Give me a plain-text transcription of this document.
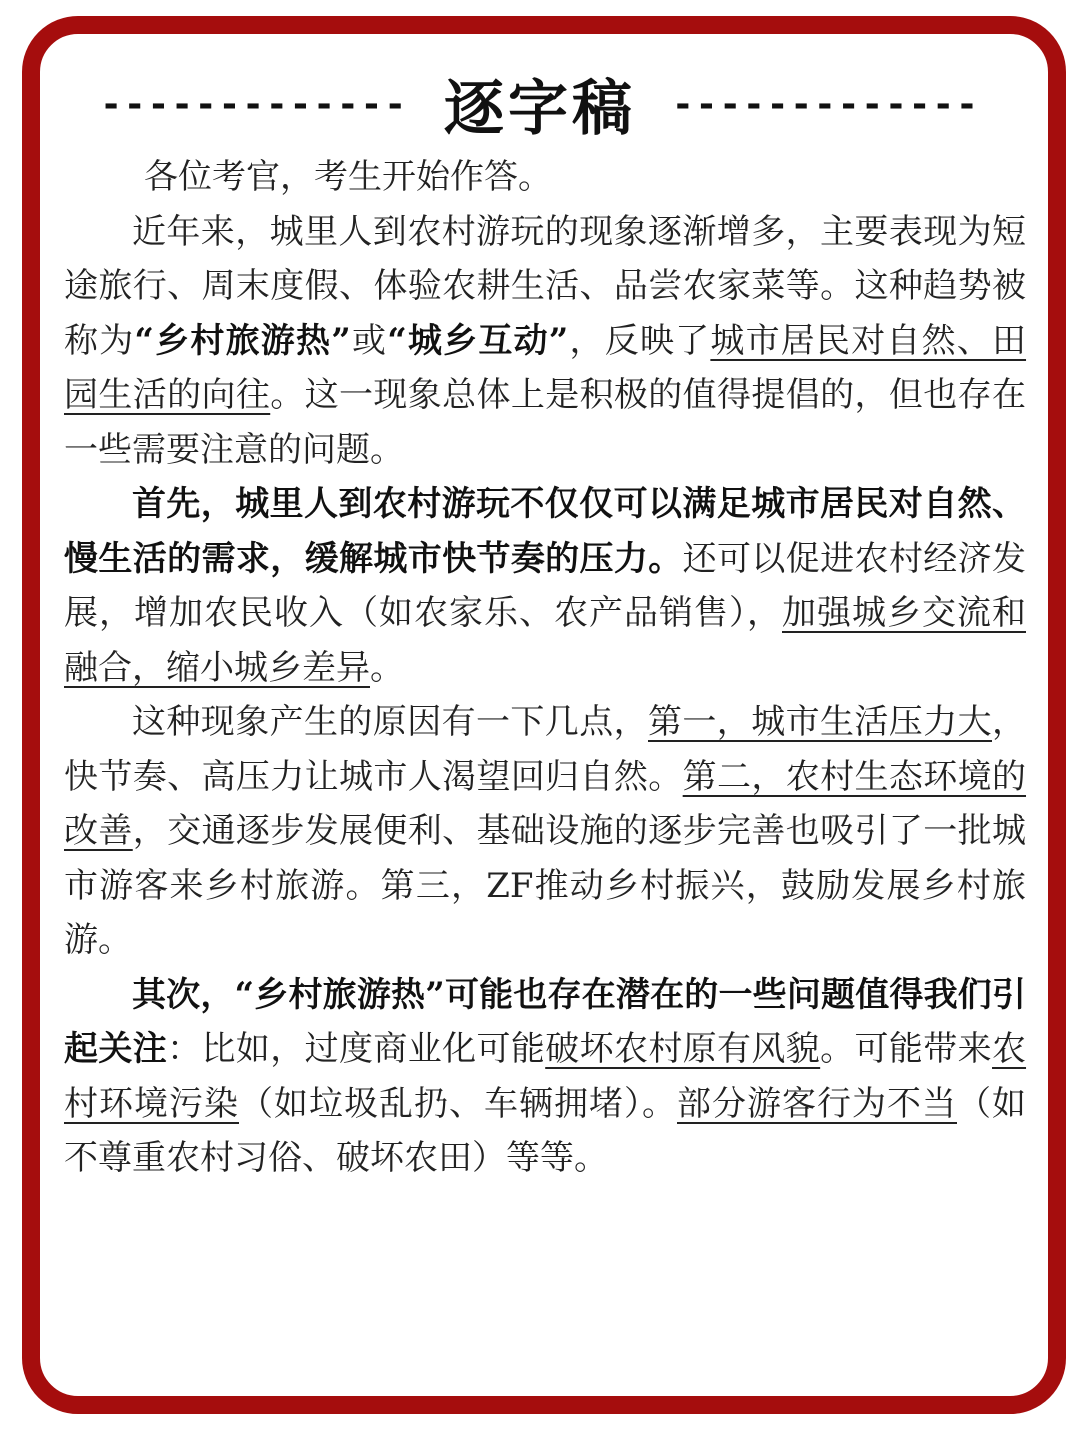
------------- 逐字稿 -------------

各位考官，考生开始作答。

近年来，城里人到农村游玩的现象逐渐增多，主要表现为短途旅行、周末度假、体验农耕生活、品尝农家菜等。这种趋势被称为“乡村旅游热”或“城乡互动”，反映了城市居民对自然、田园生活的向往。这一现象总体上是积极的值得提倡的，但也存在一些需要注意的问题。

首先，城里人到农村游玩不仅仅可以满足城市居民对自然、慢生活的需求，缓解城市快节奏的压力。还可以促进农村经济发展，增加农民收入（如农家乐、农产品销售），加强城乡交流和融合，缩小城乡差异。

这种现象产生的原因有一下几点，第一，城市生活压力大，快节奏、高压力让城市人渴望回归自然。第二，农村生态环境的改善，交通逐步发展便利、基础设施的逐步完善也吸引了一批城市游客来乡村旅游。第三，ZF推动乡村振兴，鼓励发展乡村旅游。

其次，“乡村旅游热”可能也存在潜在的一些问题值得我们引起关注：比如，过度商业化可能破坏农村原有风貌。可能带来农村环境污染（如垃圾乱扔、车辆拥堵）。部分游客行为不当（如不尊重农村习俗、破坏农田）等等。
